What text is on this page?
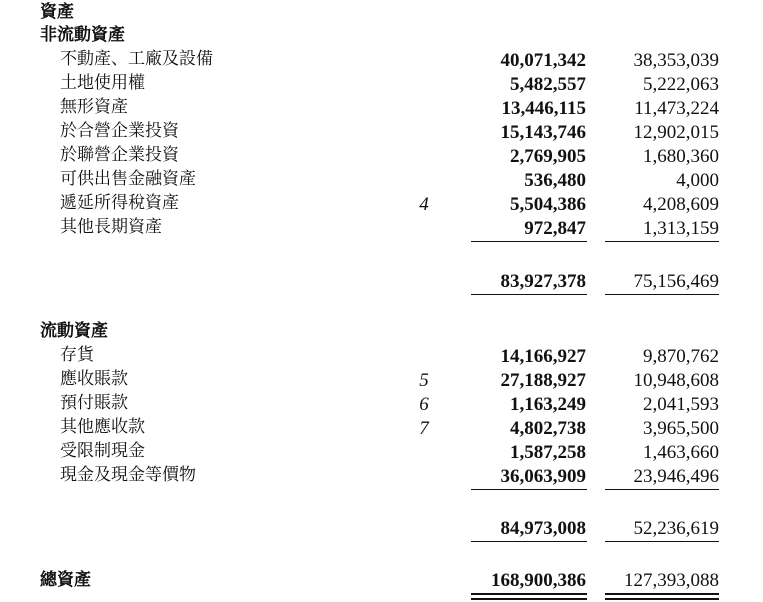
資產
非流動資產
不動產、工廠及設備	40,071,342	38,353,039
土地使用權	5,482,557	5,222,063
無形資產	13,446,115	11,473,224
於合營企業投資	15,143,746	12,902,015
於聯營企業投資	2,769,905	1,680,360
可供出售金融資產	536,480	4,000
遞延所得稅資產	4	5,504,386	4,208,609
其他長期資產	972,847	1,313,159
83,927,378	75,156,469
流動資產
存貨	14,166,927	9,870,762
應收賬款	5	27,188,927	10,948,608
預付賬款	6	1,163,249	2,041,593
其他應收款	7	4,802,738	3,965,500
受限制現金	1,587,258	1,463,660
現金及現金等價物	36,063,909	23,946,496
84,973,008	52,236,619
總資產	168,900,386 127,393,088
